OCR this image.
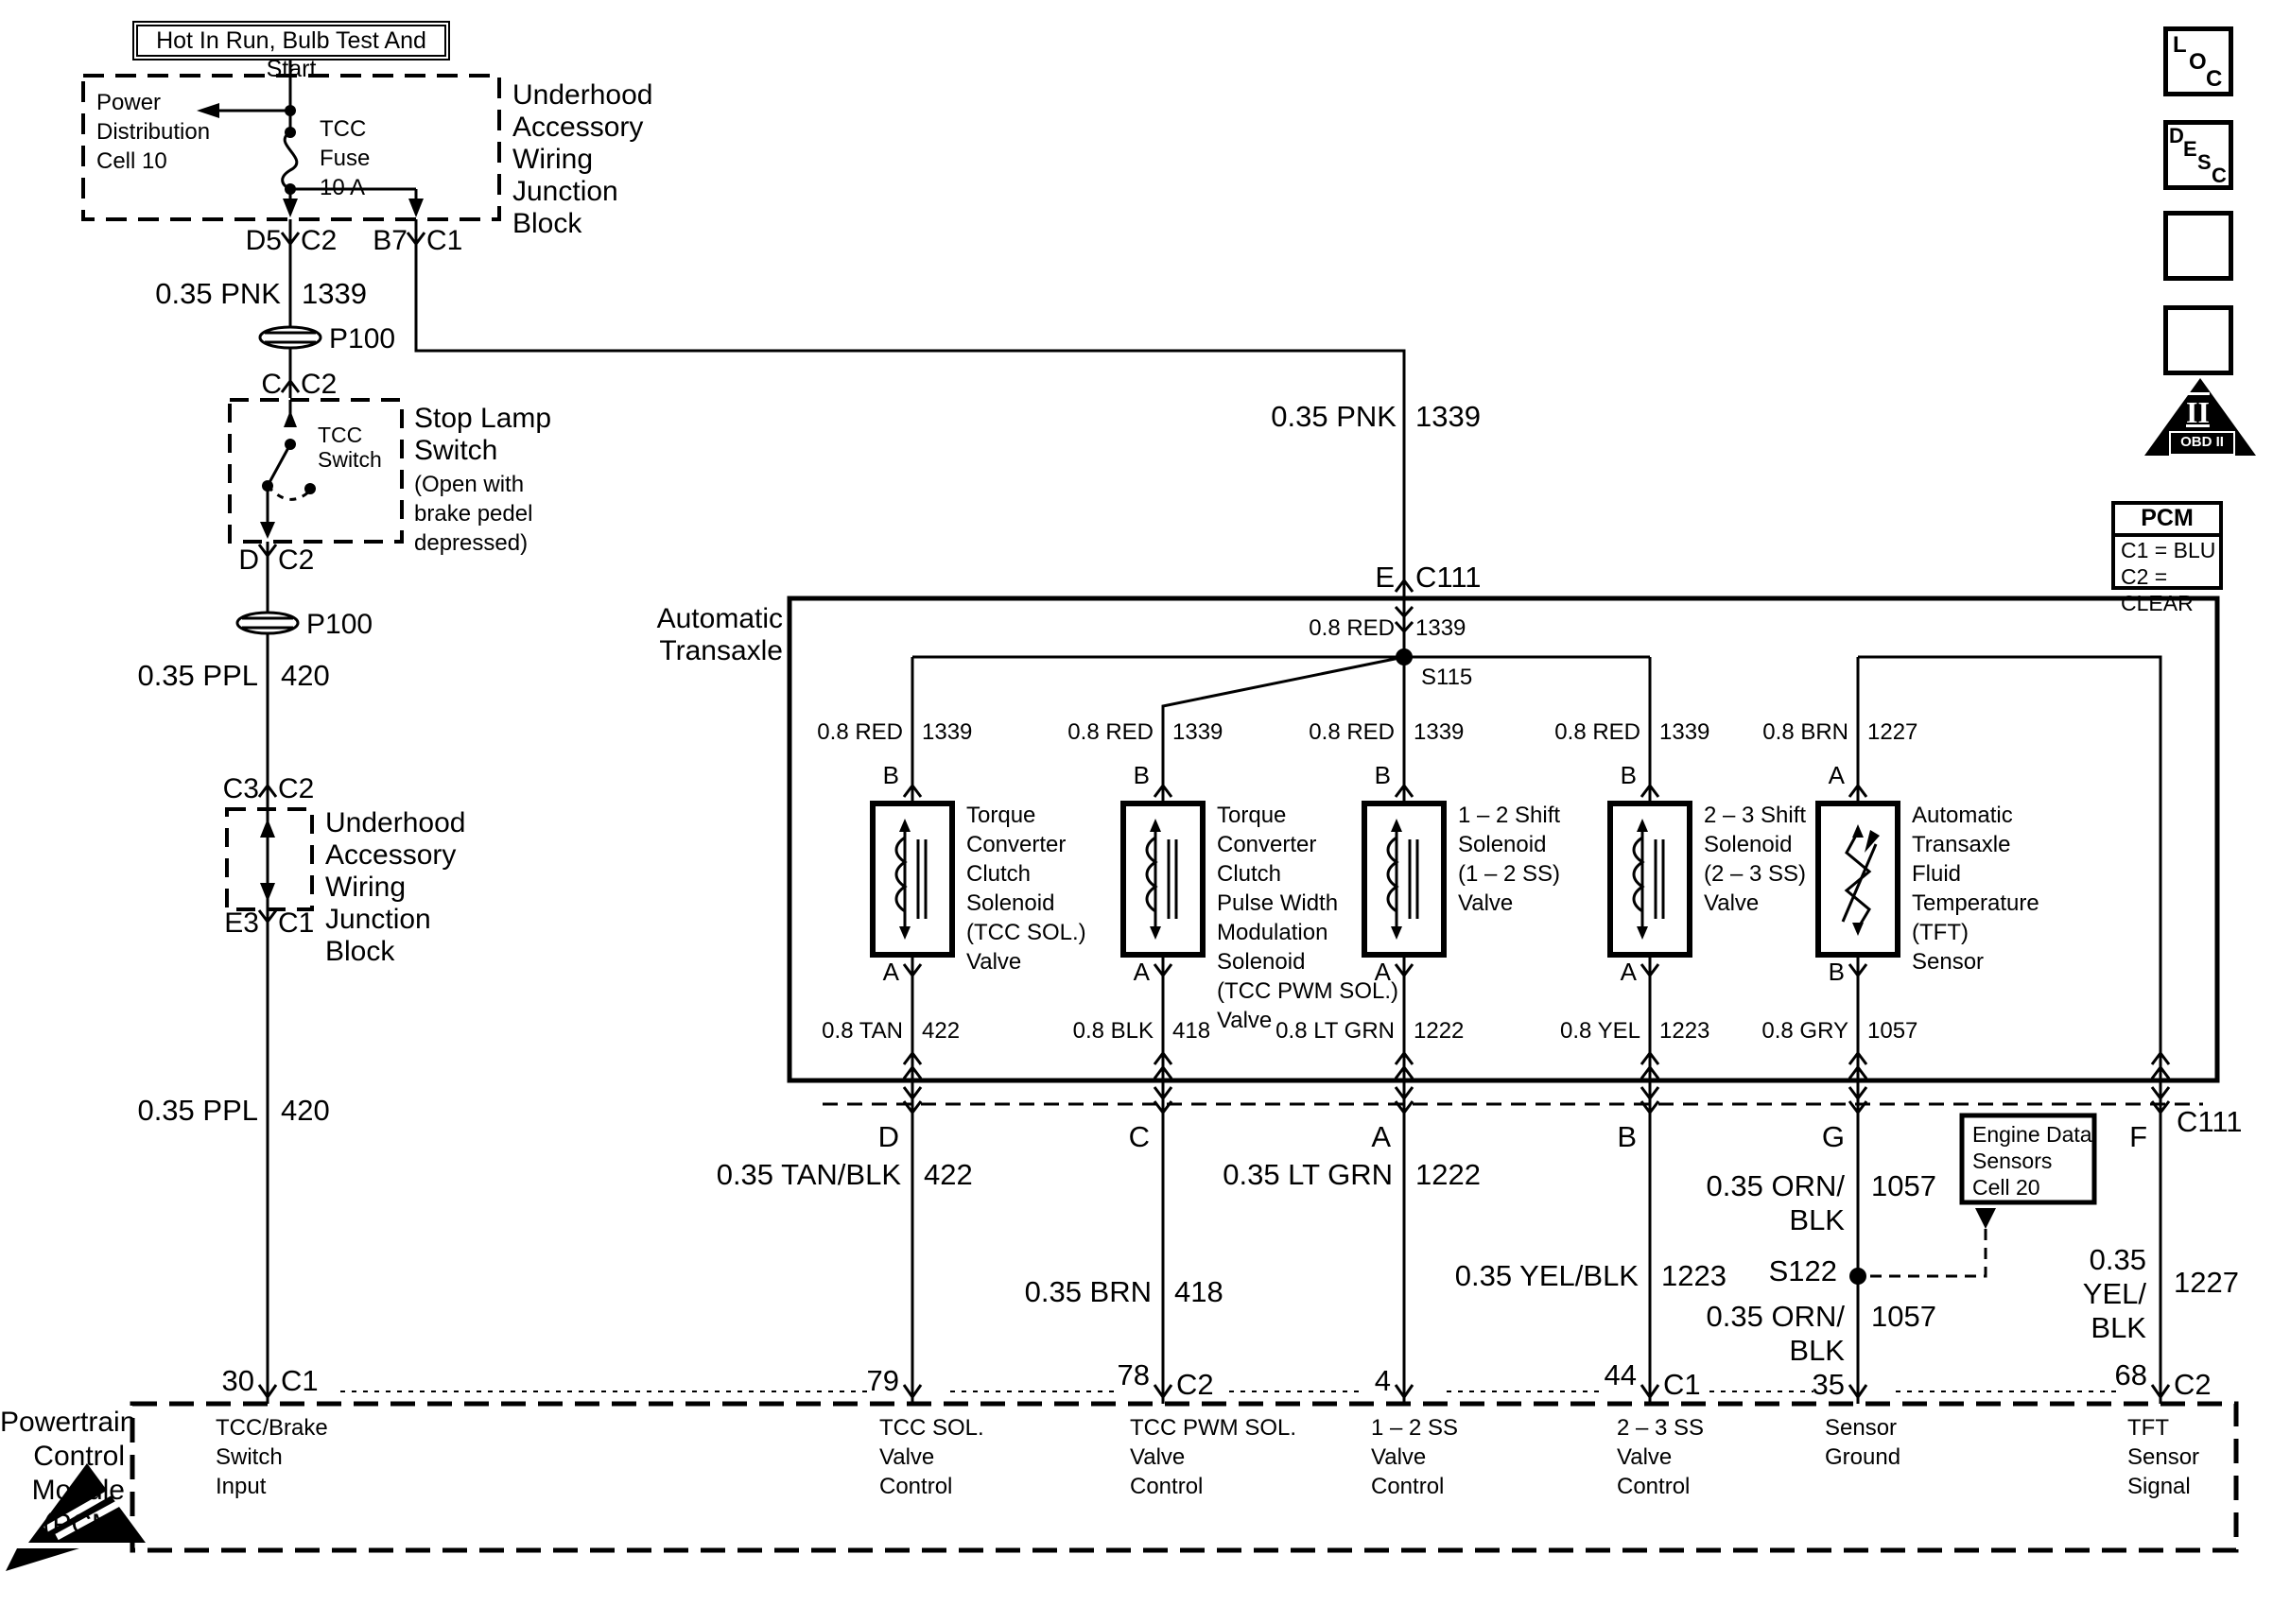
Hot In Run, Bulb Test And Start
Power
Distribution
Cell 10
TCC
Fuse
10 A
Underhood
Accessory
Wiring
Junction
Block
D5 C2	B7 C1
0.35 PNK 1339
P100
C C2
TCC
Switch
Stop Lamp
Switch
(Open with
brake pedel
depressed)
D C2
P100
0.35 PPL 420
C3 C2
Underhood
Accessory
Wiring
Junction
Block
E3 C1
0.35 PPL 420
0.35 PNK 1339
E C111
Automatic
Transaxle
0.8 RED 1339
S115
0.8 RED 1339	0.8 RED 1339	0.8 RED 1339	0.8 RED 1339	0.8 BRN 1227
B
A
B
A
B
A
B
A
A
B
Torque
Converter
Clutch
Solenoid
(TCC SOL.)
Valve
Torque
Converter
Clutch
Pulse Width
Modulation
Solenoid
(TCC PWM SOL.)
Valve
1 – 2 Shift
Solenoid
(1 – 2 SS)
Valve
2 – 3 Shift
Solenoid
(2 – 3 SS)
Valve
Automatic
Transaxle
Fluid
Temperature
(TFT)
Sensor
0.8 TAN 422	0.8 BLK 418	0.8 LT GRN 1222	0.8 YEL 1223	0.8 GRY 1057
D	C	A	B	G	F C111
0.35 TAN/BLK 422	0.35 LT GRN 1222
0.35 BRN 418	0.35 YEL/BLK 1223
0.35 ORN/
BLK
1057
S122
0.35 ORN/
BLK
1057
0.35
YEL/
BLK
1227
Engine Data
Sensors
Cell 20
30 C1	79	78 C2	4	44 C1	35	68 C2
TCC/Brake
Switch
Input
TCC SOL.
Valve
Control
TCC PWM SOL.
Valve
Control
1 – 2 SS
Valve
Control
2 – 3 SS
Valve
Control
Sensor
Ground
TFT
Sensor
Signal
Powertrain
Control
Module
(PCM)
L
O
C
D
E
S
C
II
OBD II
PCM
C1 = BLU
C2 = CLEAR
